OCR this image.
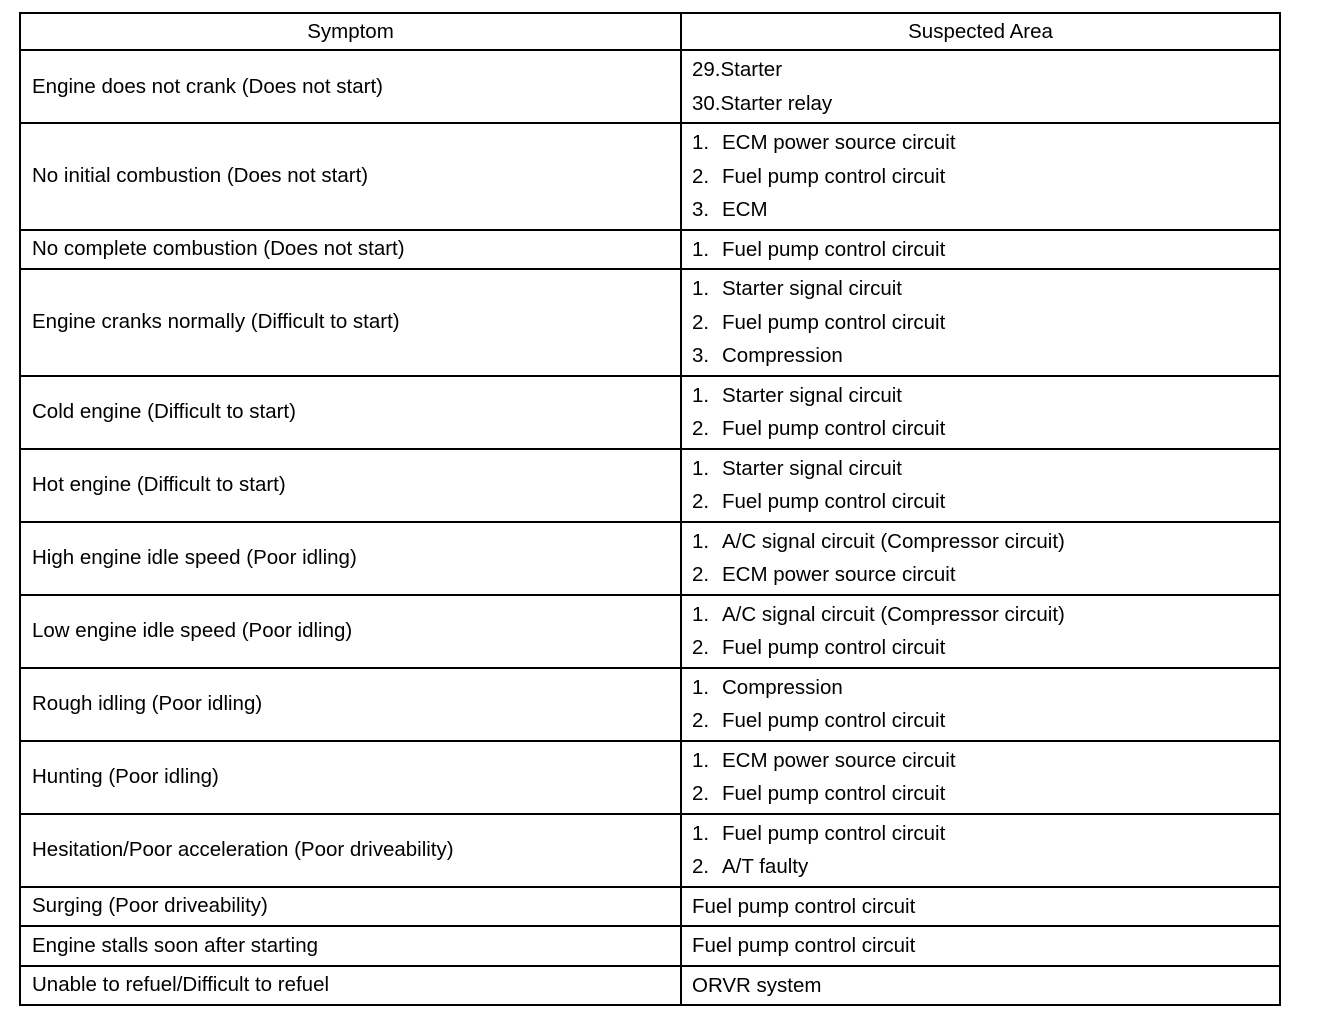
Symptom	Suspected Area
Engine does not crank (Does not start)	29.Starter
30.Starter relay

No initial combustion (Does not start)	1. ECM power source circuit
2. Fuel pump control circuit
3. ECM

No complete combustion (Does not start)	1. Fuel pump control circuit

Engine cranks normally (Difficult to start)	1. Starter signal circuit
2. Fuel pump control circuit
3. Compression

Cold engine (Difficult to start)	1. Starter signal circuit
2. Fuel pump control circuit

Hot engine (Difficult to start)	1. Starter signal circuit
2. Fuel pump control circuit

High engine idle speed (Poor idling)	1. A/C signal circuit (Compressor circuit)
2. ECM power source circuit

Low engine idle speed (Poor idling)	1. A/C signal circuit (Compressor circuit)
2. Fuel pump control circuit

Rough idling (Poor idling)	1. Compression
2. Fuel pump control circuit

Hunting (Poor idling)	1. ECM power source circuit
2. Fuel pump control circuit

Hesitation/Poor acceleration (Poor driveability)	1. Fuel pump control circuit
2. A/T faulty

Surging (Poor driveability)	Fuel pump control circuit

Engine stalls soon after starting	Fuel pump control circuit

Unable to refuel/Difficult to refuel	ORVR system
